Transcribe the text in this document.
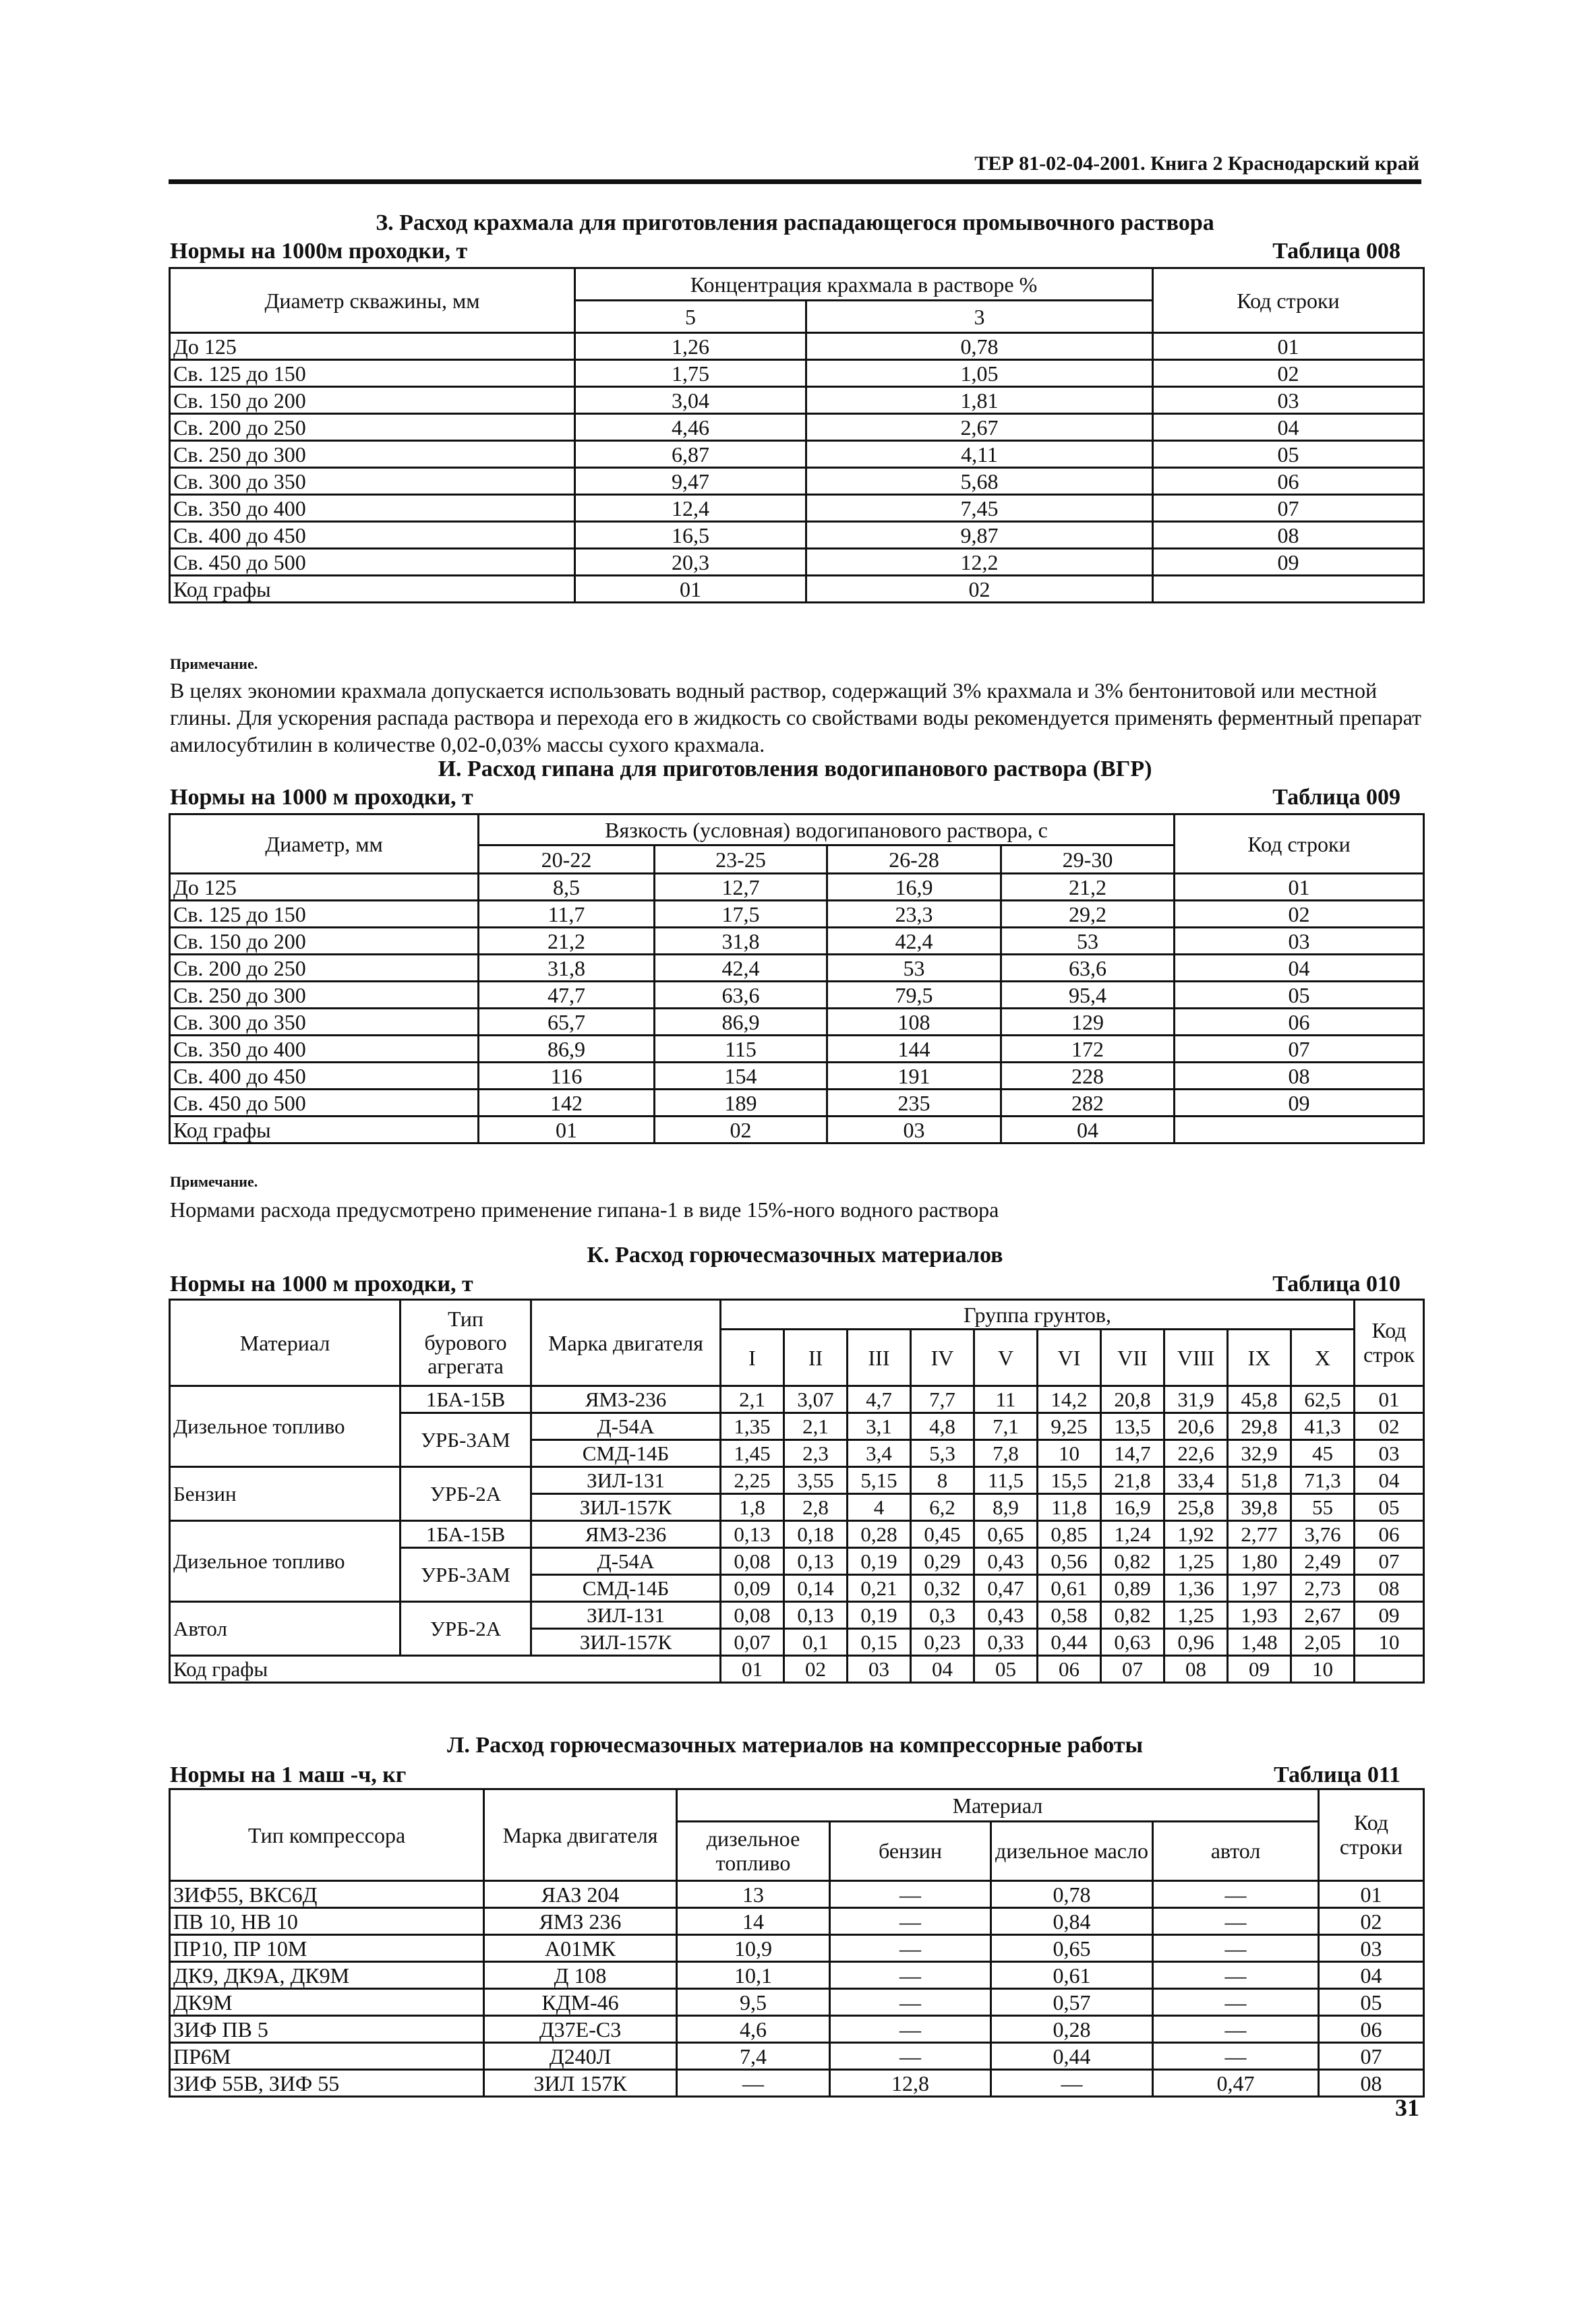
ТЕР 81-02-04-2001. Книга 2 Краснодарский край
З. Расход крахмала для приготовления распадающегося промывочного раствора
Нормы на 1000м проходки, т	Таблица 008
Диаметр скважины, мм	Концентрация крахмала в растворе %		Код строки
	5	3	
До 125	1,26	0,78	01
Св. 125 до 150	1,75	1,05	02
Св. 150 до 200	3,04	1,81	03
Св. 200 до 250	4,46	2,67	04
Св. 250 до 300	6,87	4,11	05
Св. 300 до 350	9,47	5,68	06
Св. 350 до 400	12,4	7,45	07
Св. 400 до 450	16,5	9,87	08
Св. 450 до 500	20,3	12,2	09
Код графы	01	02	
Примечание.
В целях экономии крахмала допускается использовать водный раствор, содержащий 3% крахмала и 3% бентонитовой или местной глины. Для ускорения распада раствора и перехода его в жидкость со свойствами воды рекомендуется применять ферментный препарат амилосубтилин в количестве 0,02-0,03% массы сухого крахмала.
И. Расход гипана для приготовления водогипанового раствора (ВГР)
Нормы на 1000 м проходки, т	Таблица 009
Диаметр, мм	Вязкость (условная) водогипанового раствора, с				Код строки
	20-22	23-25	26-28	29-30	
До 125	8,5	12,7	16,9	21,2	01
Св. 125 до 150	11,7	17,5	23,3	29,2	02
Св. 150 до 200	21,2	31,8	42,4	53	03
Св. 200 до 250	31,8	42,4	53	63,6	04
Св. 250 до 300	47,7	63,6	79,5	95,4	05
Св. 300 до 350	65,7	86,9	108	129	06
Св. 350 до 400	86,9	115	144	172	07
Св. 400 до 450	116	154	191	228	08
Св. 450 до 500	142	189	235	282	09
Код графы	01	02	03	04	
Примечание.
Нормами расхода предусмотрено применение гипана-1 в виде 15%-ного водного раствора
К. Расход горючесмазочных материалов
Нормы на 1000 м проходки, т	Таблица 010
Материал	Тип бурового агрегата	Марка двигателя	Группа грунтов,										Код строк
			I	II	III	IV	V	VI	VII	VIII	IX	X	
Дизельное топливо	1БА-15В	ЯМЗ-236	2,1	3,07	4,7	7,7	11	14,2	20,8	31,9	45,8	62,5	01
	УРБ-3АМ	Д-54А	1,35	2,1	3,1	4,8	7,1	9,25	13,5	20,6	29,8	41,3	02
		СМД-14Б	1,45	2,3	3,4	5,3	7,8	10	14,7	22,6	32,9	45	03
Бензин	УРБ-2А	ЗИЛ-131	2,25	3,55	5,15	8	11,5	15,5	21,8	33,4	51,8	71,3	04
		ЗИЛ-157К	1,8	2,8	4	6,2	8,9	11,8	16,9	25,8	39,8	55	05
Дизельное топливо	1БА-15В	ЯМЗ-236	0,13	0,18	0,28	0,45	0,65	0,85	1,24	1,92	2,77	3,76	06
	УРБ-3АМ	Д-54А	0,08	0,13	0,19	0,29	0,43	0,56	0,82	1,25	1,80	2,49	07
		СМД-14Б	0,09	0,14	0,21	0,32	0,47	0,61	0,89	1,36	1,97	2,73	08
Автол	УРБ-2А	ЗИЛ-131	0,08	0,13	0,19	0,3	0,43	0,58	0,82	1,25	1,93	2,67	09
		ЗИЛ-157К	0,07	0,1	0,15	0,23	0,33	0,44	0,63	0,96	1,48	2,05	10
Код графы			01	02	03	04	05	06	07	08	09	10	
Л. Расход горючесмазочных материалов на компрессорные работы
Нормы на 1 маш -ч, кг	Таблица 011
Тип компрессора	Марка двигателя	Материал				Код строки
		дизельное топливо	бензин	дизельное масло	автол	
ЗИФ55, ВКС6Д	ЯАЗ 204	13	—	0,78	—	01
ПВ 10, НВ 10	ЯМЗ 236	14	—	0,84	—	02
ПР10, ПР 10М	А01МК	10,9	—	0,65	—	03
ДК9, ДК9А, ДК9М	Д 108	10,1	—	0,61	—	04
ДК9М	КДМ-46	9,5	—	0,57	—	05
ЗИФ ПВ 5	Д37Е-С3	4,6	—	0,28	—	06
ПР6М	Д240Л	7,4	—	0,44	—	07
ЗИФ 55В, ЗИФ 55	ЗИЛ 157К	—	12,8	—	0,47	08
31
